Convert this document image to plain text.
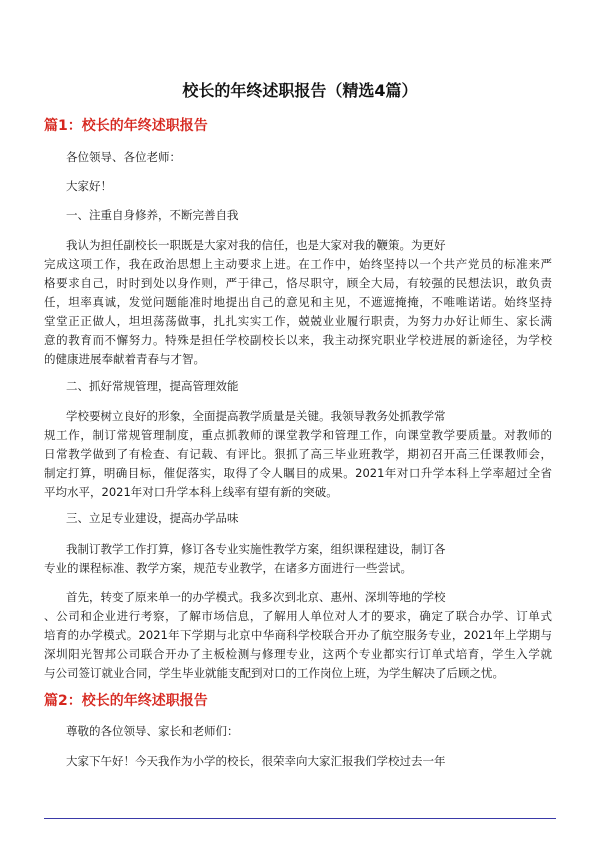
校长的年终述职报告（精选4篇）
篇1：校长的年终述职报告
各位领导、各位老师：
大家好！
一、注重自身修养，不断完善自我
我认为担任副校长一职既是大家对我的信任，也是大家对我的鞭策。为更好
完成这项工作，我在政治思想上主动要求上进。在工作中，始终坚持以一个共产党员的标准来严
格要求自己，时时到处以身作则，严于律己，恪尽职守，顾全大局，有较强的民想法识，敢负责
任，坦率真诚，发觉问题能准时地提出自己的意见和主见，不遮遮掩掩，不唯唯诺诺。始终坚持
堂堂正正做人，坦坦荡荡做事，扎扎实实工作，兢兢业业履行职责，为努力办好让师生、家长满
意的教育而不懈努力。特殊是担任学校副校长以来，我主动探究职业学校进展的新途径，为学校
的健康进展奉献着青春与才智。
二、抓好常规管理，提高管理效能
学校要树立良好的形象，全面提高教学质量是关键。我领导教务处抓教学常
规工作，制订常规管理制度，重点抓教师的课堂教学和管理工作，向课堂教学要质量。对教师的
日常教学做到了有检查、有记载、有评比。狠抓了高三毕业班教学，期初召开高三任课教师会，
制定打算，明确目标，催促落实，取得了令人瞩目的成果。2021年对口升学本科上学率超过全省
平均水平，2021年对口升学本科上线率有望有新的突破。
三、立足专业建设，提高办学品味
我制订教学工作打算，修订各专业实施性教学方案，组织课程建设，制订各
专业的课程标准、教学方案，规范专业教学，在诸多方面进行一些尝试。
首先，转变了原来单一的办学模式。我多次到北京、惠州、深圳等地的学校
、公司和企业进行考察，了解市场信息，了解用人单位对人才的要求，确定了联合办学、订单式
培育的办学模式。2021年下学期与北京中华商科学校联合开办了航空服务专业，2021年上学期与
深圳阳光智邦公司联合开办了主板检测与修理专业，这两个专业都实行订单式培育，学生入学就
与公司签订就业合同，学生毕业就能支配到对口的工作岗位上班，为学生解决了后顾之忧。
篇2：校长的年终述职报告
尊敬的各位领导、家长和老师们：
大家下午好！今天我作为小学的校长，很荣幸向大家汇报我们学校过去一年
